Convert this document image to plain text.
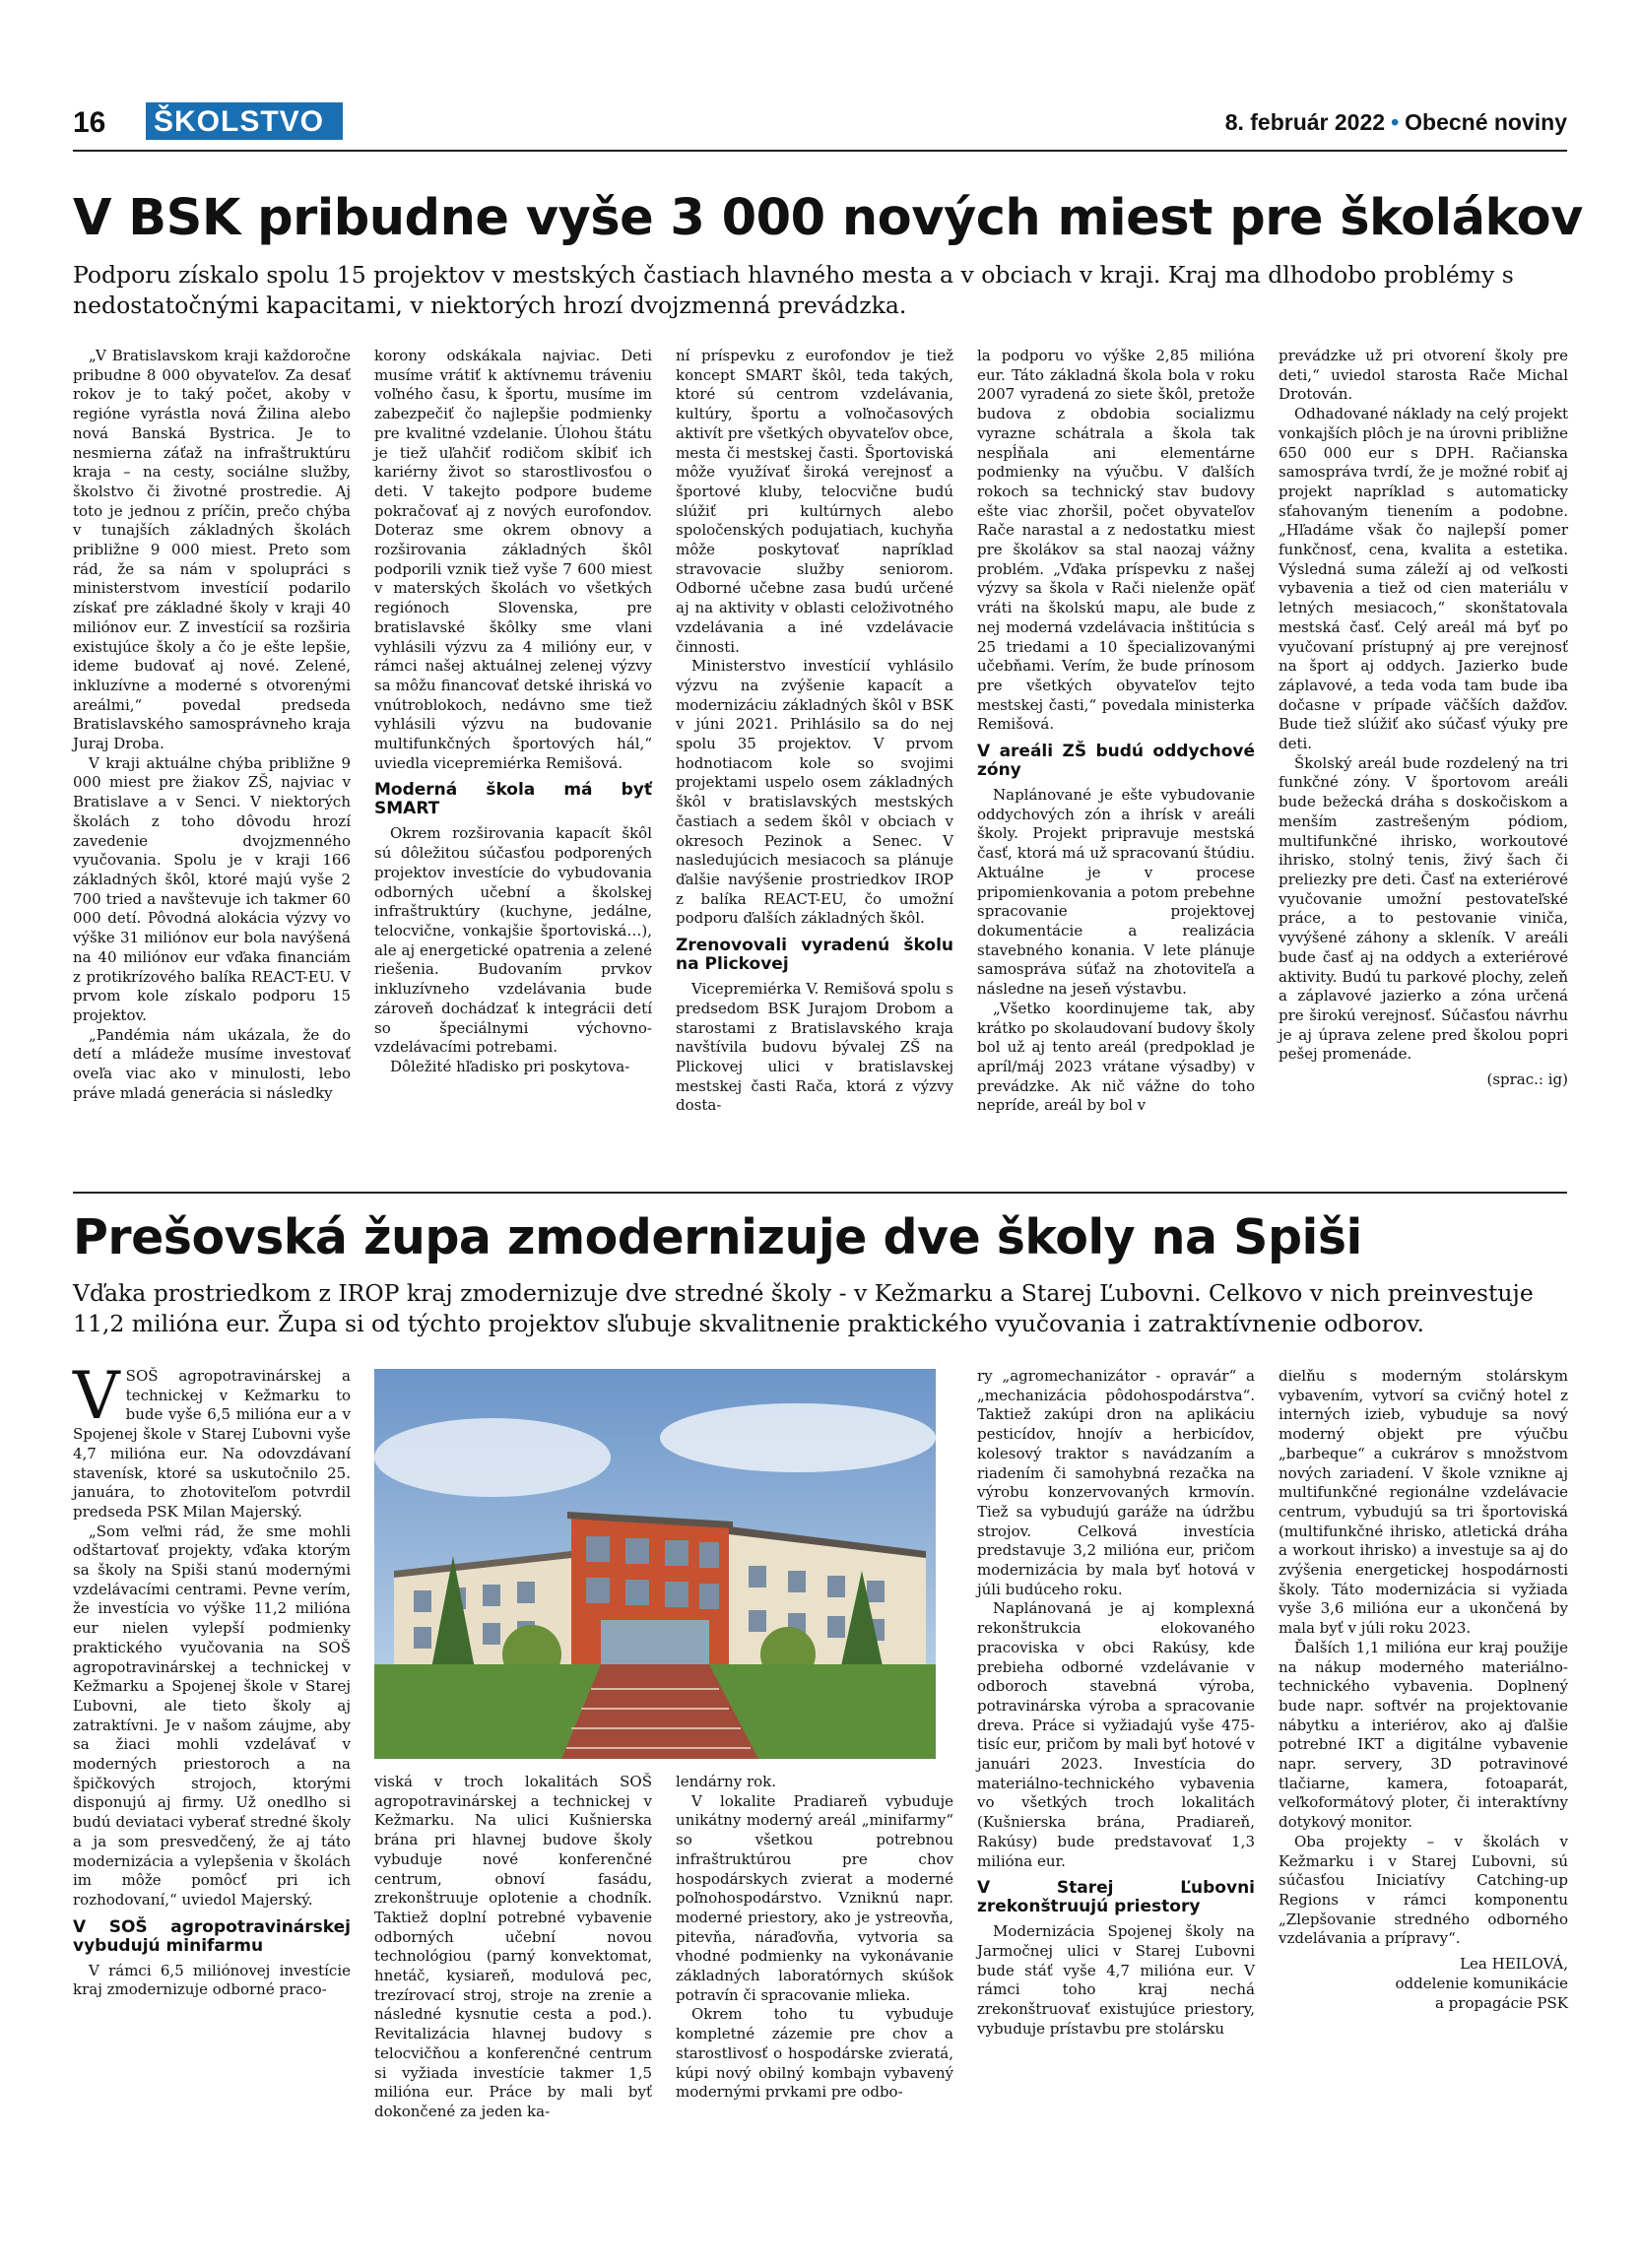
16 ŠKOLSTVO	8. február 2022 • Obecné noviny
V BSK pribudne vyše 3 000 nových miest pre školákov

Podporu získalo spolu 15 projektov v mestských častiach hlavného mesta a v obciach v kraji. Kraj ma dlhodobo problémy s nedostatočnými kapacitami, v niektorých hrozí dvojzmenná prevádzka.

„V Bratislavskom kraji každoročne pribudne 8 000 obyvateľov. Za desať rokov je to taký počet, akoby v regióne vyrástla nová Žilina alebo nová Banská Bystrica. Je to nesmierna záťaž na infraštruktúru kraja – na cesty, sociálne služby, školstvo či životné prostredie. Aj toto je jednou z príčin, prečo chýba v tunajších základných školách približne 9 000 miest. Preto som rád, že sa nám v spolupráci s ministerstvom investícií podarilo získať pre základné školy v kraji 40 miliónov eur. Z investícií sa rozširia existujúce školy a čo je ešte lepšie, ideme budovať aj nové. Zelené, inkluzívne a moderné s otvorenými areálmi,“ povedal predseda Bratislavského samosprávneho kraja Juraj Droba.

V kraji aktuálne chýba približne 9 000 miest pre žiakov ZŠ, najviac v Bratislave a v Senci. V niektorých školách z toho dôvodu hrozí zavedenie dvojzmenného vyučovania. Spolu je v kraji 166 základných škôl, ktoré majú vyše 2 700 tried a navštevuje ich takmer 60 000 detí. Pôvodná alokácia výzvy vo výške 31 miliónov eur bola navýšená na 40 miliónov eur vďaka financiám z protikrízového balíka REACT-EU. V prvom kole získalo podporu 15 projektov.

„Pandémia nám ukázala, že do detí a mládeže musíme investovať oveľa viac ako v minulosti, lebo práve mladá generácia si následky

korony odskákala najviac. Deti musíme vrátiť k aktívnemu tráveniu voľného času, k športu, musíme im zabezpečiť čo najlepšie podmienky pre kvalitné vzdelanie. Úlohou štátu je tiež uľahčiť rodičom skĺbiť ich kariérny život so starostlivosťou o deti. V takejto podpore budeme pokračovať aj z nových eurofondov. Doteraz sme okrem obnovy a rozširovania základných škôl podporili vznik tiež vyše 7 600 miest v materských školách vo všetkých regiónoch Slovenska, pre bratislavské škôlky sme vlani vyhlásili výzvu za 4 milióny eur, v rámci našej aktuálnej zelenej výzvy sa môžu financovať detské ihriská vo vnútroblokoch, nedávno sme tiež vyhlásili výzvu na budovanie multifunkčných športových hál,“ uviedla vicepremiérka Remišová.

Moderná škola má byť SMART

Okrem rozširovania kapacít škôl sú dôležitou súčasťou podporených projektov investície do vybudovania odborných učební a školskej infraštruktúry (kuchyne, jedálne, telocvične, vonkajšie športoviská…), ale aj energetické opatrenia a zelené riešenia. Budovaním prvkov inkluzívneho vzdelávania bude zároveň dochádzať k integrácii detí so špeciálnymi výchovno-vzdelávacími potrebami.

Dôležité hľadisko pri poskytova-

ní príspevku z eurofondov je tiež koncept SMART škôl, teda takých, ktoré sú centrom vzdelávania, kultúry, športu a voľnočasových aktivít pre všetkých obyvateľov obce, mesta či mestskej časti. Športoviská môže využívať široká verejnosť a športové kluby, telocvične budú slúžiť pri kultúrnych alebo spoločenských podujatiach, kuchyňa môže poskytovať napríklad stravovacie služby seniorom. Odborné učebne zasa budú určené aj na aktivity v oblasti celoživotného vzdelávania a iné vzdelávacie činnosti.

Ministerstvo investícií vyhlásilo výzvu na zvýšenie kapacít a modernizáciu základných škôl v BSK v júni 2021. Prihlásilo sa do nej spolu 35 projektov. V prvom hodnotiacom kole so svojimi projektami uspelo osem základných škôl v bratislavských mestských častiach a sedem škôl v obciach v okresoch Pezinok a Senec. V nasledujúcich mesiacoch sa plánuje ďalšie navýšenie prostriedkov IROP z balíka REACT-EU, čo umožní podporu ďalších základných škôl.

Zrenovovali vyradenú školu na Plickovej

Vicepremiérka V. Remišová spolu s predsedom BSK Jurajom Drobom a starostami z Bratislavského kraja navštívila budovu bývalej ZŠ na Plickovej ulici v bratislavskej mestskej časti Rača, ktorá z výzvy dosta-

la podporu vo výške 2,85 milióna eur. Táto základná škola bola v roku 2007 vyradená zo siete škôl, pretože budova z obdobia socializmu vyrazne schátrala a škola tak nespĺňala ani elementárne podmienky na výučbu. V ďalších rokoch sa technický stav budovy ešte viac zhoršil, počet obyvateľov Rače narastal a z nedostatku miest pre školákov sa stal naozaj vážny problém. „Vďaka príspevku z našej výzvy sa škola v Rači nielenže opäť vráti na školskú mapu, ale bude z nej moderná vzdelávacia inštitúcia s 25 triedami a 10 špecializovanými učebňami. Verím, že bude prínosom pre všetkých obyvateľov tejto mestskej časti,“ povedala ministerka Remišová.

V areáli ZŠ budú oddychové zóny

Naplánované je ešte vybudovanie oddychových zón a ihrísk v areáli školy. Projekt pripravuje mestská časť, ktorá má už spracovanú štúdiu. Aktuálne je v procese pripomienkovania a potom prebehne spracovanie projektovej dokumentácie a realizácia stavebného konania. V lete plánuje samospráva súťaž na zhotoviteľa a následne na jeseň výstavbu.

„Všetko koordinujeme tak, aby krátko po skolaudovaní budovy školy bol už aj tento areál (predpoklad je apríl/máj 2023 vrátane výsadby) v prevádzke. Ak nič vážne do toho nepríde, areál by bol v

prevádzke už pri otvorení školy pre deti,“ uviedol starosta Rače Michal Drotován.

Odhadované náklady na celý projekt vonkajších plôch je na úrovni približne 650 000 eur s DPH. Račianska samospráva tvrdí, že je možné robiť aj projekt napríklad s automaticky sťahovaným tienením a podobne. „Hľadáme však čo najlepší pomer funkčnosť, cena, kvalita a estetika. Výsledná suma záleží aj od veľkosti vybavenia a tiež od cien materiálu v letných mesiacoch,“ skonštatovala mestská časť. Celý areál má byť po vyučovaní prístupný aj pre verejnosť na šport aj oddych. Jazierko bude záplavové, a teda voda tam bude iba dočasne v prípade väčších dažďov. Bude tiež slúžiť ako súčasť výuky pre deti.

Školský areál bude rozdelený na tri funkčné zóny. V športovom areáli bude bežecká dráha s doskočiskom a menším zastrešeným pódiom, multifunkčné ihrisko, workoutové ihrisko, stolný tenis, živý šach či preliezky pre deti. Časť na exteriérové vyučovanie umožní pestovateľské práce, a to pestovanie viniča, vyvýšené záhony a skleník. V areáli bude časť aj na oddych a exteriérové aktivity. Budú tu parkové plochy, zeleň a záplavové jazierko a zóna určená pre širokú verejnosť. Súčasťou návrhu je aj úprava zelene pred školou popri pešej promenáde.

(sprac.: ig)
Prešovská župa zmodernizuje dve školy na Spiši

Vďaka prostriedkom z IROP kraj zmodernizuje dve stredné školy - v Kežmarku a Starej Ľubovni. Celkovo v nich preinvestuje 11,2 milióna eur. Župa si od týchto projektov sľubuje skvalitnenie praktického vyučovania i zatraktívnenie odborov.

VSOŠ agropotravinárskej a technickej v Kežmarku to bude vyše 6,5 milióna eur a v Spojenej škole v Starej Ľubovni vyše 4,7 milióna eur. Na odovzdávaní stavenísk, ktoré sa uskutočnilo 25. januára, to zhotoviteľom potvrdil predseda PSK Milan Majerský.

„Som veľmi rád, že sme mohli odštartovať projekty, vďaka ktorým sa školy na Spiši stanú modernými vzdelávacími centrami. Pevne verím, že investícia vo výške 11,2 milióna eur nielen vylepší podmienky praktického vyučovania na SOŠ agropotravinárskej a technickej v Kežmarku a Spojenej škole v Starej Ľubovni, ale tieto školy aj zatraktívni. Je v našom záujme, aby sa žiaci mohli vzdelávať v moderných priestoroch a na špičkových strojoch, ktorými disponujú aj firmy. Už onedlho si budú deviataci vyberať stredné školy a ja som presvedčený, že aj táto modernizácia a vylepšenia v školách im môže pomôcť pri ich rozhodovaní,“ uviedol Majerský.

V SOŠ agropotravinárskej vybudujú minifarmu

V rámci 6,5 miliónovej investície kraj zmodernizuje odborné praco-

viská v troch lokalitách SOŠ agropotravinárskej a technickej v Kežmarku. Na ulici Kušnierska brána pri hlavnej budove školy vybuduje nové konferenčné centrum, obnoví fasádu, zrekonštruuje oplotenie a chodník. Taktiež doplní potrebné vybavenie odborných učební novou technológiou (parný konvektomat, hnetáč, kysiareň, modulová pec, trezírovací stroj, stroje na zrenie a následné kysnutie cesta a pod.). Revitalizácia hlavnej budovy s telocvičňou a konferenčné centrum si vyžiada investície takmer 1,5 milióna eur. Práce by mali byť dokončené za jeden ka-

lendárny rok.

V lokalite Pradiareň vybuduje unikátny moderný areál „minifarmy“ so všetkou potrebnou infraštruktúrou pre chov hospodárskych zvierat a moderné poľnohospodárstvo. Vzniknú napr. moderné priestory, ako je ystreovňa, pitevňa, náraďovňa, vytvoria sa vhodné podmienky na vykonávanie základných laboratórnych skúšok potravín či spracovanie mlieka.

Okrem toho tu vybuduje kompletné zázemie pre chov a starostlivosť o hospodárske zvieratá, kúpi nový obilný kombajn vybavený modernými prvkami pre odbo-

ry „agromechanizátor - opravár“ a „mechanizácia pôdohospodárstva“. Taktiež zakúpi dron na aplikáciu pesticídov, hnojív a herbicídov, kolesový traktor s navádzaním a riadením či samohybná rezačka na výrobu konzervovaných krmovín. Tiež sa vybudujú garáže na údržbu strojov. Celková investícia predstavuje 3,2 milióna eur, pričom modernizácia by mala byť hotová v júli budúceho roku.

Naplánovaná je aj komplexná rekonštrukcia elokovaného pracoviska v obci Rakúsy, kde prebieha odborné vzdelávanie v odboroch stavebná výroba, potravinárska výroba a spracovanie dreva. Práce si vyžiadajú vyše 475-tisíc eur, pričom by mali byť hotové v januári 2023. Investícia do materiálno-technického vybavenia vo všetkých troch lokalitách (Kušnierska brána, Pradiareň, Rakúsy) bude predstavovať 1,3 milióna eur.

V Starej Ľubovni zrekonštruujú priestory

Modernizácia Spojenej školy na Jarmočnej ulici v Starej Ľubovni bude stáť vyše 4,7 milióna eur. V rámci toho kraj nechá zrekonštruovať existujúce priestory, vybuduje prístavbu pre stolársku

dielňu s moderným stolárskym vybavením, vytvorí sa cvičný hotel z interných izieb, vybuduje sa nový moderný objekt pre výučbu „barbeque“ a cukrárov s množstvom nových zariadení. V škole vznikne aj multifunkčné regionálne vzdelávacie centrum, vybudujú sa tri športoviská (multifunkčné ihrisko, atletická dráha a workout ihrisko) a investuje sa aj do zvýšenia energetickej hospodárnosti školy. Táto modernizácia si vyžiada vyše 3,6 milióna eur a ukončená by mala byť v júli roku 2023.

Ďalších 1,1 milióna eur kraj použije na nákup moderného materiálno-technického vybavenia. Doplnený bude napr. softvér na projektovanie nábytku a interiérov, ako aj ďalšie potrebné IKT a digitálne vybavenie napr. servery, 3D potravinové tlačiarne, kamera, fotoaparát, veľkoformátový ploter, či interaktívny dotykový monitor.

Oba projekty – v školách v Kežmarku i v Starej Ľubovni, sú súčasťou Iniciatívy Catching-up Regions v rámci komponentu „Zlepšovanie stredného odborného vzdelávania a prípravy“.

Lea HEILOVÁ,
oddelenie komunikácie
a propagácie PSK
